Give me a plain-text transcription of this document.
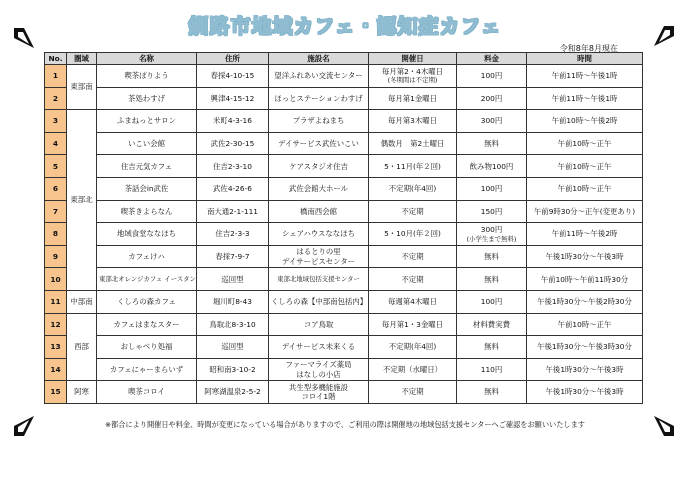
釧路市地域カフェ・認知症カフェ
令和8年8月現在
No.	圏域	名称	住所	施設名	開催日	料金	時間
1	東部南	喫茶ぽりよう	春採4-10-15	望洋ふれあい交流センター	毎月第2・4木曜日
(冬期間は不定期)	100円	午前11時〜午後1時
2		茶処わすげ	興津4-15-12	ほっとステーションわすげ	毎月第1金曜日	200円	午前11時〜午後1時
3	東部北	ふまねっとサロン	米町4-3-16	プラザよねまち	毎月第3木曜日	300円	午前10時〜午後2時
4		いこい会館	武佐2-30-15	デイサービス武佐いこい	偶数月　第2土曜日	無料	午前10時〜正午
5		住吉元気カフェ	住吉2-3-10	ケアスタジオ住吉	5・11月(年２回)	飲み物100円	午前10時〜正午
6		茶話会in武佐	武佐4-26-6	武佐会館大ホール	不定期(年4回)	100円	午前10時〜正午
7		喫茶きよらなん	南大通2-1-111	橋南西会館	不定期	150円	午前9時30分〜正午(変更あり)
8		地域食堂ななほち	住吉2-3-3	シェアハウスななほち	5・10月(年２回)	300円
(小学生まで無料)	午前11時〜午後2時
9		カフェけハ	春採7-9-7	はるとりの里
デイサービスセンター	不定期	無料	午後1時30分〜午後3時
10		東部北オレンジカフェ イースタン	巡回型	東部北地域包括支援センター	不定期	無料	午前10時〜午前11時30分
11	中部南	くしろの森カフェ	堀川町8-43	くしろの森【中部南包括内】	毎週第4木曜日	100円	午後1時30分〜午後2時30分
12	西部	カフェはまなスター	鳥取北8-3-10	コア鳥取	毎月第1・3金曜日	材料費実費	午前10時〜正午
13		おしゃべり処福	巡回型	デイサービス未来くる	不定期(年4回)	無料	午後1時30分〜午後3時30分
14		カフェにゃーまらいず	昭和南3-10-2	ファーマライズ薬局
はなしの小店	不定期（水曜日）	110円	午後1時30分〜午後3時
15	阿寒	喫茶コロイ	阿寒湖温泉2-5-2	共生型多機能施設
コロイ1階	不定期	無料	午後1時30分〜午後3時
※都合により開催日や料金、時間が変更になっている場合がありますので、ご利用の際は開催地の地域包括支援センターへご確認をお願いいたします
